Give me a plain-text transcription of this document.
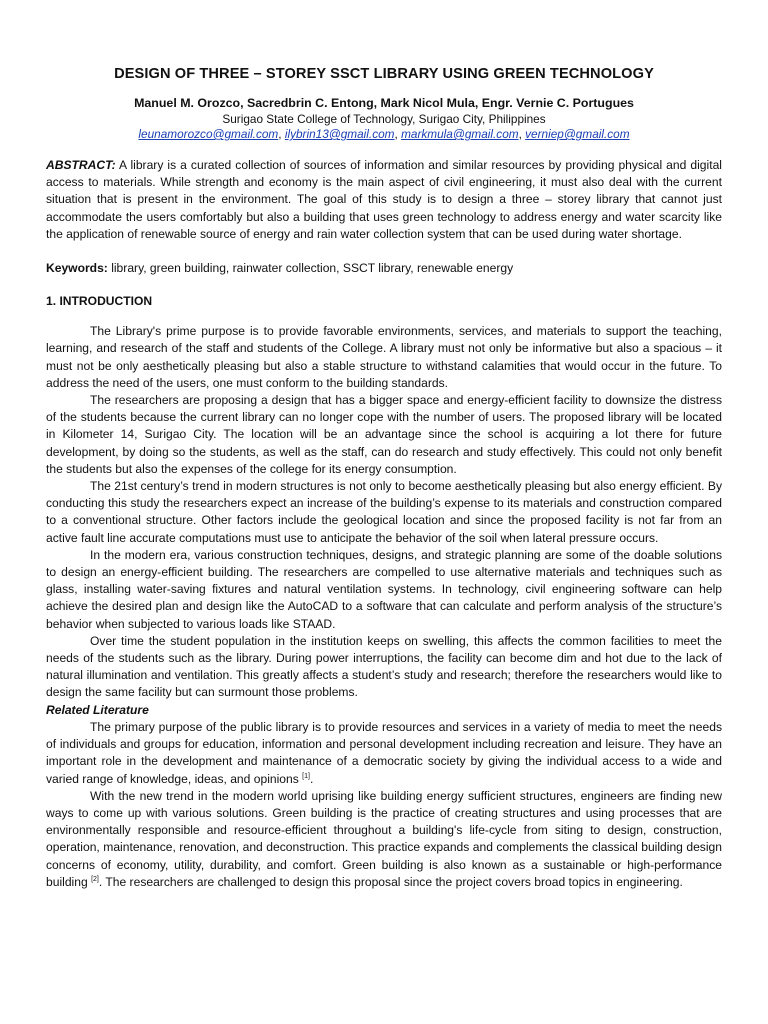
DESIGN OF THREE – STOREY SSCT LIBRARY USING GREEN TECHNOLOGY
Manuel M. Orozco, Sacredbrin C. Entong, Mark Nicol Mula, Engr. Vernie C. Portugues
Surigao State College of Technology, Surigao City, Philippines
leunamorozco@gmail.com, ilybrin13@gmail.com, markmula@gmail.com, verniep@gmail.com

ABSTRACT: A library is a curated collection of sources of information and similar resources by providing physical and digital access to materials. While strength and economy is the main aspect of civil engineering, it must also deal with the current situation that is present in the environment. The goal of this study is to design a three – storey library that cannot just accommodate the users comfortably but also a building that uses green technology to address energy and water scarcity like the application of renewable source of energy and rain water collection system that can be used during water shortage.

Keywords: library, green building, rainwater collection, SSCT library, renewable energy

1. INTRODUCTION

The Library's prime purpose is to provide favorable environments, services, and materials to support the teaching, learning, and research of the staff and students of the College. A library must not only be informative but also a spacious – it must not be only aesthetically pleasing but also a stable structure to withstand calamities that would occur in the future. To address the need of the users, one must conform to the building standards.

The researchers are proposing a design that has a bigger space and energy-efficient facility to downsize the distress of the students because the current library can no longer cope with the number of users. The proposed library will be located in Kilometer 14, Surigao City. The location will be an advantage since the school is acquiring a lot there for future development, by doing so the students, as well as the staff, can do research and study effectively. This could not only benefit the students but also the expenses of the college for its energy consumption.

The 21st century’s trend in modern structures is not only to become aesthetically pleasing but also energy efficient. By conducting this study the researchers expect an increase of the building’s expense to its materials and construction compared to a conventional structure. Other factors include the geological location and since the proposed facility is not far from an active fault line accurate computations must use to anticipate the behavior of the soil when lateral pressure occurs.

In the modern era, various construction techniques, designs, and strategic planning are some of the doable solutions to design an energy-efficient building. The researchers are compelled to use alternative materials and techniques such as glass, installing water-saving fixtures and natural ventilation systems. In technology, civil engineering software can help achieve the desired plan and design like the AutoCAD to a software that can calculate and perform analysis of the structure’s behavior when subjected to various loads like STAAD.

Over time the student population in the institution keeps on swelling, this affects the common facilities to meet the needs of the students such as the library. During power interruptions, the facility can become dim and hot due to the lack of natural illumination and ventilation. This greatly affects a student’s study and research; therefore the researchers would like to design the same facility but can surmount those problems.

Related Literature

The primary purpose of the public library is to provide resources and services in a variety of media to meet the needs of individuals and groups for education, information and personal development including recreation and leisure. They have an important role in the development and maintenance of a democratic society by giving the individual access to a wide and varied range of knowledge, ideas, and opinions [1].

With the new trend in the modern world uprising like building energy sufficient structures, engineers are finding new ways to come up with various solutions. Green building is the practice of creating structures and using processes that are environmentally responsible and resource-efficient throughout a building's life-cycle from siting to design, construction, operation, maintenance, renovation, and deconstruction. This practice expands and complements the classical building design concerns of economy, utility, durability, and comfort. Green building is also known as a sustainable or high-performance building [2]. The researchers are challenged to design this proposal since the project covers broad topics in engineering.
